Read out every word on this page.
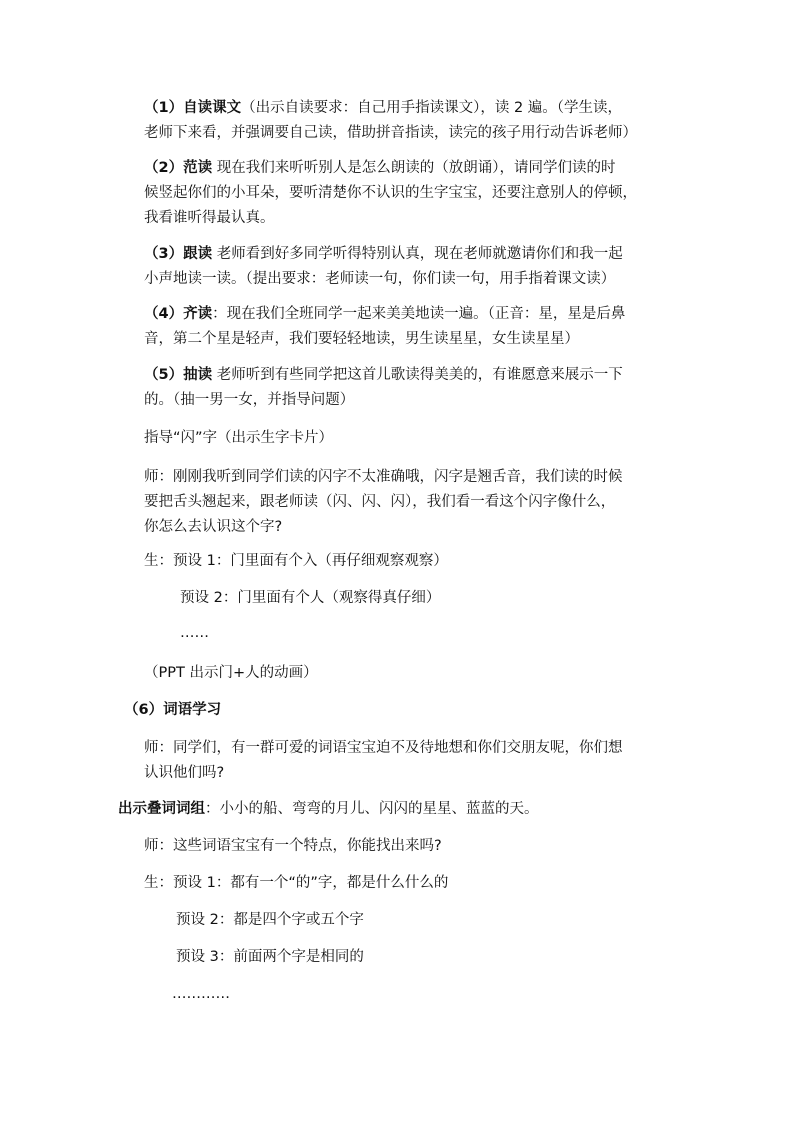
（1）自读课文（出示自读要求：自己用手指读课文），读 2 遍。（学生读，
老师下来看，并强调要自己读，借助拼音指读，读完的孩子用行动告诉老师）

（2）范读 现在我们来听听别人是怎么朗读的（放朗诵），请同学们读的时
候竖起你们的小耳朵，要听清楚你不认识的生字宝宝，还要注意别人的停顿，
我看谁听得最认真。

（3）跟读 老师看到好多同学听得特别认真，现在老师就邀请你们和我一起
小声地读一读。（提出要求：老师读一句，你们读一句，用手指着课文读）

（4）齐读：现在我们全班同学一起来美美地读一遍。（正音：星，星是后鼻
音，第二个星是轻声，我们要轻轻地读，男生读星星，女生读星星）

（5）抽读 老师听到有些同学把这首儿歌读得美美的，有谁愿意来展示一下
的。（抽一男一女，并指导问题）

指导“闪”字（出示生字卡片）

师：刚刚我听到同学们读的闪字不太准确哦，闪字是翘舌音，我们读的时候
要把舌头翘起来，跟老师读（闪、闪、闪），我们看一看这个闪字像什么，
你怎么去认识这个字?

生：预设 1：门里面有个入（再仔细观察观察）

预设 2：门里面有个人（观察得真仔细）

……

（PPT 出示门+人的动画）

（6）词语学习

师：同学们，有一群可爱的词语宝宝迫不及待地想和你们交朋友呢，你们想
认识他们吗?

出示叠词词组：小小的船、弯弯的月儿、闪闪的星星、蓝蓝的天。

师：这些词语宝宝有一个特点，你能找出来吗?

生：预设 1：都有一个“的”字，都是什么什么的

预设 2：都是四个字或五个字

预设 3：前面两个字是相同的

…………
